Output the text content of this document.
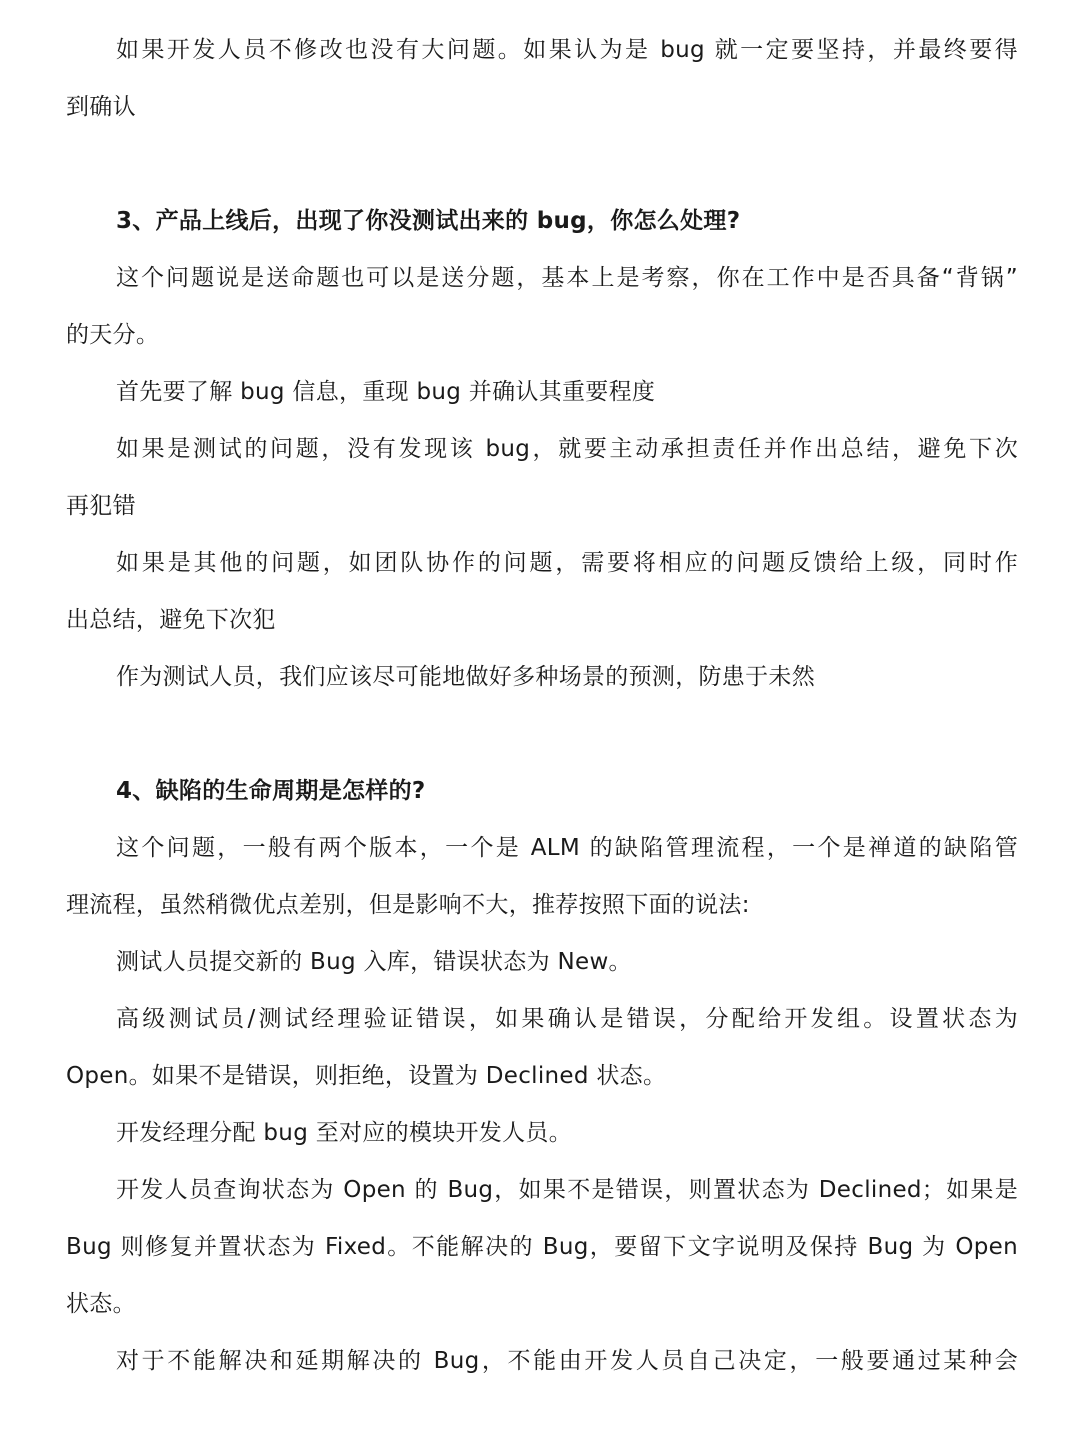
如果开发人员不修改也没有大问题。如果认为是 bug 就一定要坚持，并最终要得
到确认
3、产品上线后，出现了你没测试出来的 bug，你怎么处理?
这个问题说是送命题也可以是送分题，基本上是考察，你在工作中是否具备“背锅”
的天分。
首先要了解 bug 信息，重现 bug 并确认其重要程度
如果是测试的问题，没有发现该 bug，就要主动承担责任并作出总结，避免下次
再犯错
如果是其他的问题，如团队协作的问题，需要将相应的问题反馈给上级，同时作
出总结，避免下次犯
作为测试人员，我们应该尽可能地做好多种场景的预测，防患于未然
4、缺陷的生命周期是怎样的?
这个问题，一般有两个版本，一个是 ALM 的缺陷管理流程，一个是禅道的缺陷管
理流程，虽然稍微优点差别，但是影响不大，推荐按照下面的说法:
测试人员提交新的 Bug 入库，错误状态为 New。
高级测试员/测试经理验证错误，如果确认是错误，分配给开发组。设置状态为
Open。如果不是错误，则拒绝，设置为 Declined 状态。
开发经理分配 bug 至对应的模块开发人员。
开发人员查询状态为 Open 的 Bug，如果不是错误，则置状态为 Declined；如果是
Bug 则修复并置状态为 Fixed。不能解决的 Bug，要留下文字说明及保持 Bug 为 Open
状态。
对于不能解决和延期解决的 Bug，不能由开发人员自己决定，一般要通过某种会
